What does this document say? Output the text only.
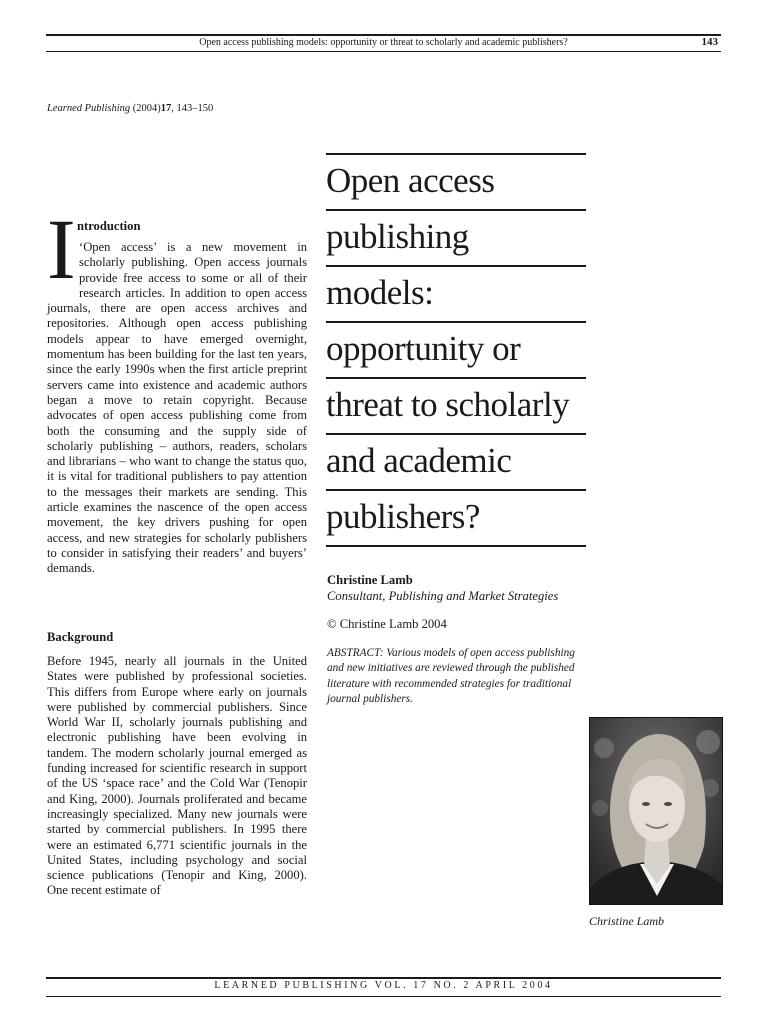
Open access publishing models: opportunity or threat to scholarly and academic publishers?	143
Learned Publishing (2004)17, 143–150
I ntroduction
‘Open access’ is a new movement in scholarly publishing. Open access journals provide free access to some or all of their research articles. In addition to open access journals, there are open access archives and repositories. Although open access publishing models appear to have emerged overnight, momentum has been building for the last ten years, since the early 1990s when the first article preprint servers came into existence and academic authors began a move to retain copyright. Because advocates of open access publishing come from both the consuming and the supply side of scholarly publishing – authors, readers, scholars and librarians – who want to change the status quo, it is vital for traditional publishers to pay attention to the messages their markets are sending. This article examines the nascence of the open access movement, the key drivers pushing for open access, and new strategies for scholarly publishers to consider in satisfying their readers’ and buyers’ demands.
Background
Before 1945, nearly all journals in the United States were published by professional societies. This differs from Europe where early on journals were published by commercial publishers. Since World War II, scholarly journals publishing and electronic publishing have been evolving in tandem. The modern scholarly journal emerged as funding increased for scientific research in support of the US ‘space race’ and the Cold War (Tenopir and King, 2000). Journals proliferated and became increasingly specialized. Many new journals were started by commercial publishers. In 1995 there were an estimated 6,771 scientific journals in the United States, including psychology and social science publications (Tenopir and King, 2000). One recent estimate of
Open access
publishing
models:
opportunity or
threat to scholarly
and academic
publishers?
Christine Lamb
Consultant, Publishing and Market Strategies
© Christine Lamb 2004
ABSTRACT: Various models of open access publishing and new initiatives are reviewed through the published literature with recommended strategies for traditional journal publishers.
Christine Lamb
LEARNED PUBLISHING VOL. 17 NO. 2 APRIL 2004
